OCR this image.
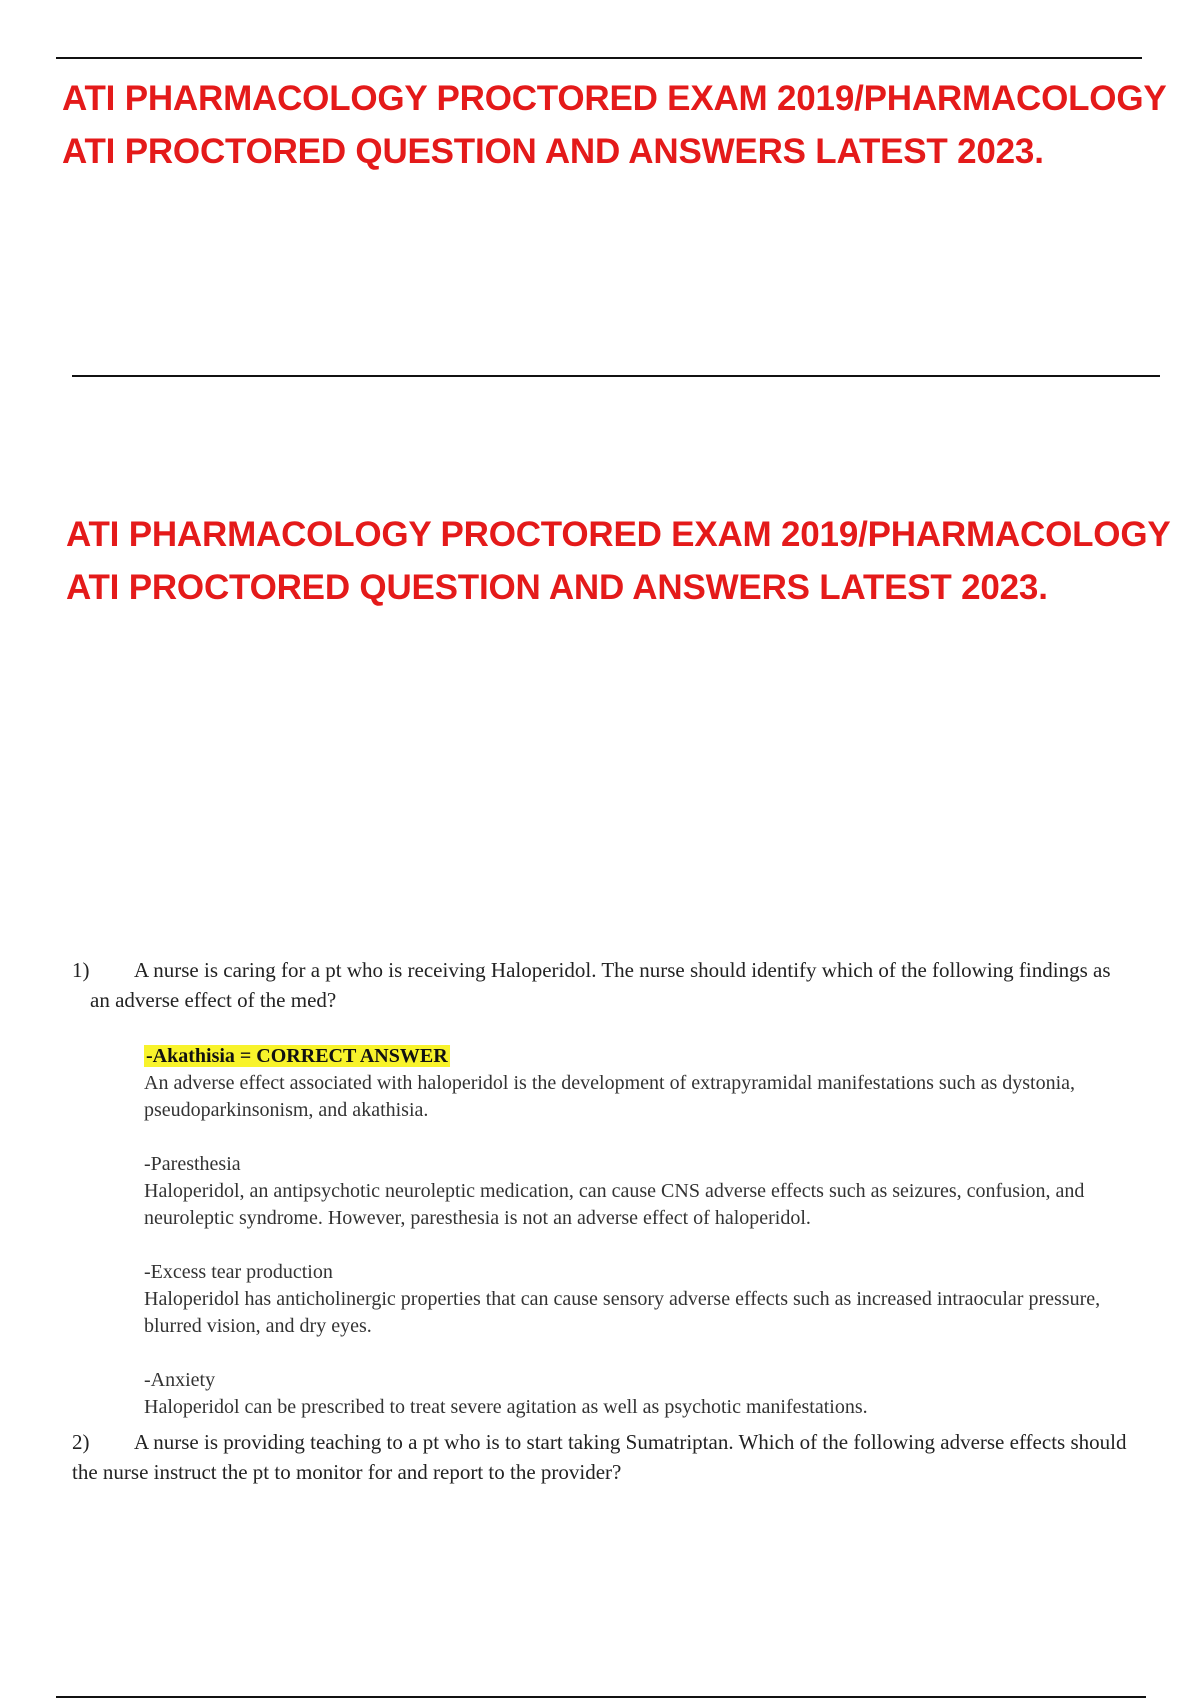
ATI PHARMACOLOGY PROCTORED EXAM 2019/PHARMACOLOGY
ATI PROCTORED QUESTION AND ANSWERS LATEST 2023.
ATI PHARMACOLOGY PROCTORED EXAM 2019/PHARMACOLOGY
ATI PROCTORED QUESTION AND ANSWERS LATEST 2023.
1) A nurse is caring for a pt who is receiving Haloperidol. The nurse should identify which of the following findings as
an adverse effect of the med?
-Akathisia = CORRECT ANSWER
An adverse effect associated with haloperidol is the development of extrapyramidal manifestations such as dystonia, pseudoparkinsonism, and akathisia.
-Paresthesia
Haloperidol, an antipsychotic neuroleptic medication, can cause CNS adverse effects such as seizures, confusion, and neuroleptic syndrome. However, paresthesia is not an adverse effect of haloperidol.
-Excess tear production
Haloperidol has anticholinergic properties that can cause sensory adverse effects such as increased intraocular pressure, blurred vision, and dry eyes.
-Anxiety
Haloperidol can be prescribed to treat severe agitation as well as psychotic manifestations.
2) A nurse is providing teaching to a pt who is to start taking Sumatriptan. Which of the following adverse effects should
the nurse instruct the pt to monitor for and report to the provider?
